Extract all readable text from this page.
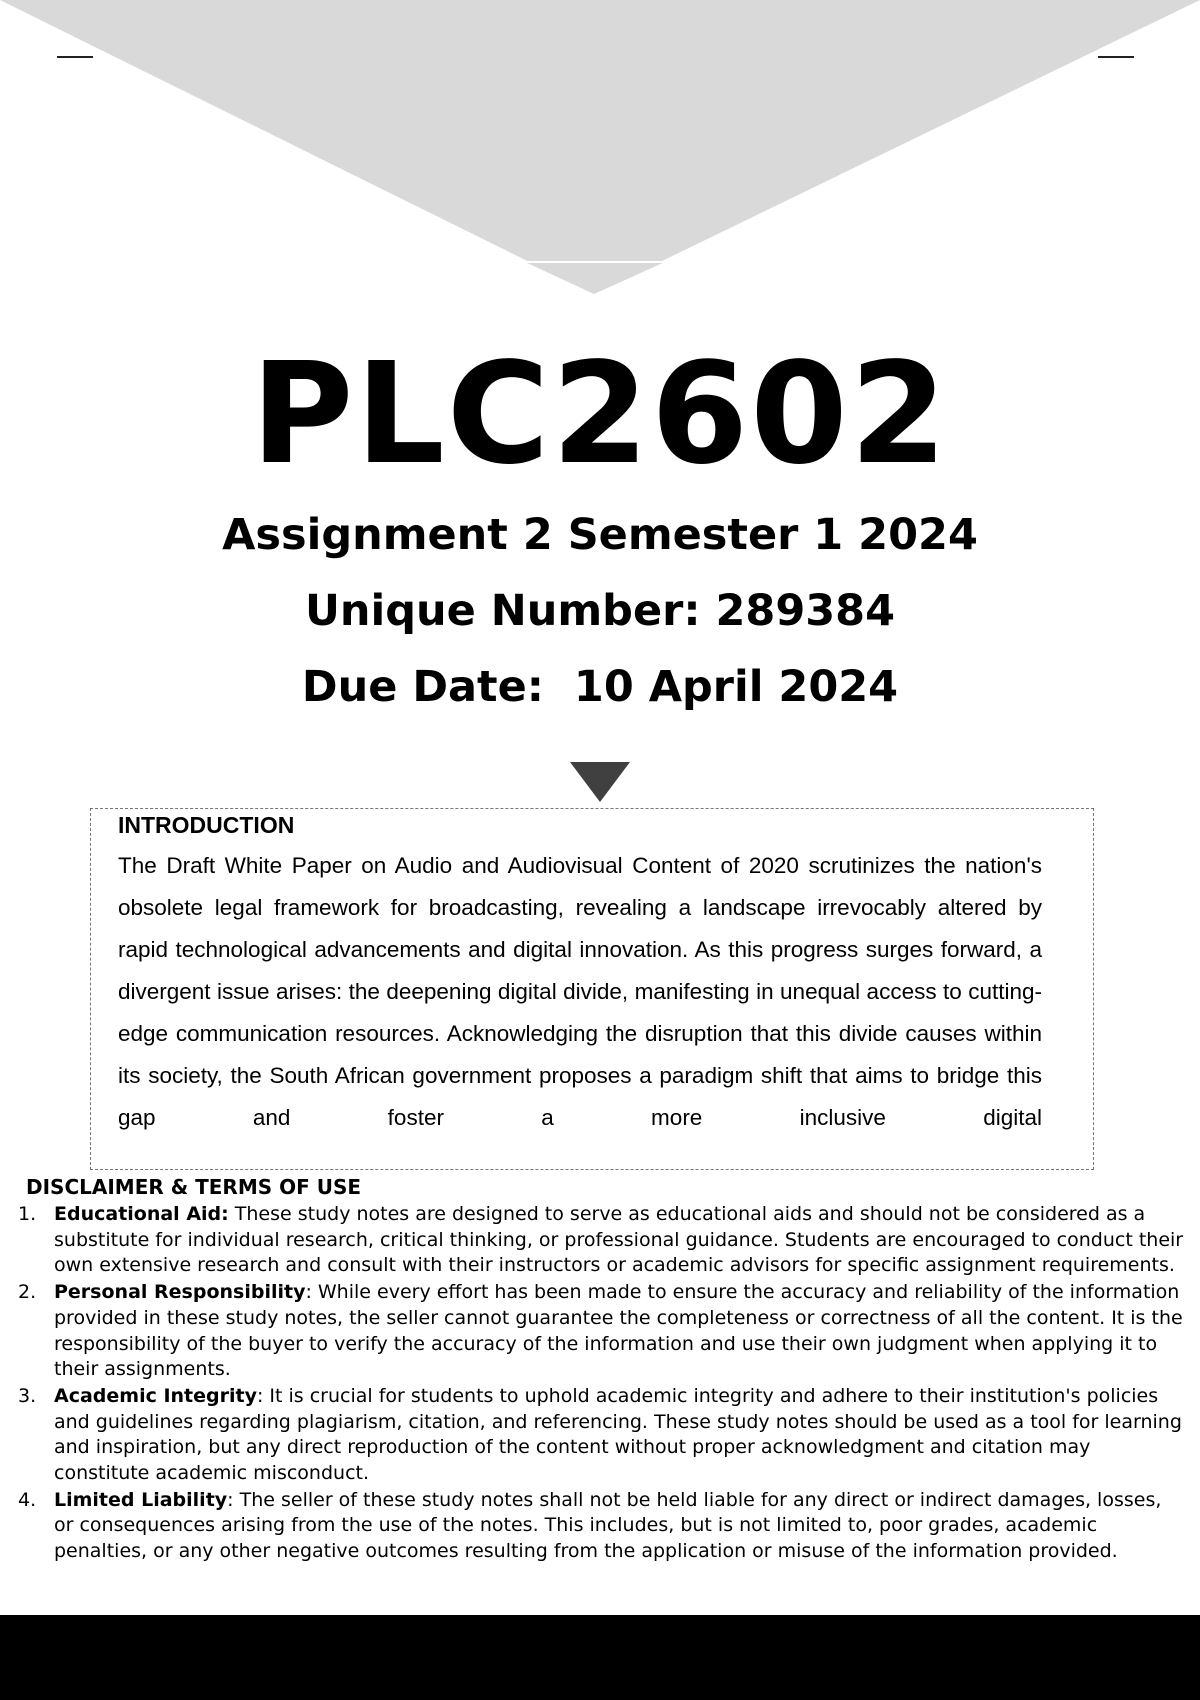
PLC2602

Assignment 2 Semester 1 2024

Unique Number: 289384

Due Date:  10 April 2024

INTRODUCTION

The Draft White Paper on Audio and Audiovisual Content of 2020 scrutinizes the nation's obsolete legal framework for broadcasting, revealing a landscape irrevocably altered by rapid technological advancements and digital innovation. As this progress surges forward, a divergent issue arises: the deepening digital divide, manifesting in unequal access to cutting-edge communication resources. Acknowledging the disruption that this divide causes within its society, the South African government proposes a paradigm shift that aims to bridge this gap and foster a more inclusive digital

DISCLAIMER & TERMS OF USE
1. Educational Aid: These study notes are designed to serve as educational aids and should not be considered as a substitute for individual research, critical thinking, or professional guidance. Students are encouraged to conduct their own extensive research and consult with their instructors or academic advisors for specific assignment requirements.
2. Personal Responsibility: While every effort has been made to ensure the accuracy and reliability of the information provided in these study notes, the seller cannot guarantee the completeness or correctness of all the content. It is the responsibility of the buyer to verify the accuracy of the information and use their own judgment when applying it to their assignments.
3. Academic Integrity: It is crucial for students to uphold academic integrity and adhere to their institution's policies and guidelines regarding plagiarism, citation, and referencing. These study notes should be used as a tool for learning and inspiration, but any direct reproduction of the content without proper acknowledgment and citation may constitute academic misconduct.
4. Limited Liability: The seller of these study notes shall not be held liable for any direct or indirect damages, losses, or consequences arising from the use of the notes. This includes, but is not limited to, poor grades, academic penalties, or any other negative outcomes resulting from the application or misuse of the information provided.
